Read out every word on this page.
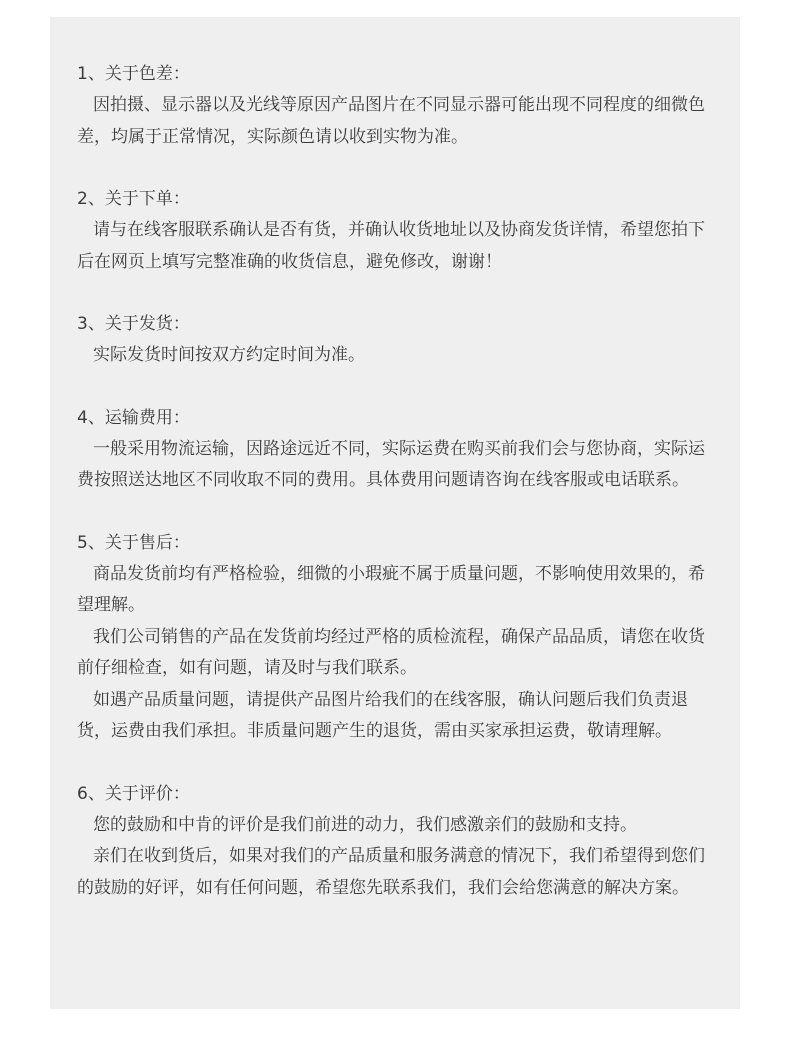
1、关于色差：

因拍摄、显示器以及光线等原因产品图片在不同显示器可能出现不同程度的细微色差，均属于正常情况，实际颜色请以收到实物为准。

2、关于下单：

请与在线客服联系确认是否有货，并确认收货地址以及协商发货详情，希望您拍下后在网页上填写完整准确的收货信息，避免修改，谢谢！

3、关于发货：

实际发货时间按双方约定时间为准。

4、运输费用：

一般采用物流运输，因路途远近不同，实际运费在购买前我们会与您协商，实际运费按照送达地区不同收取不同的费用。具体费用问题请咨询在线客服或电话联系。

5、关于售后：

商品发货前均有严格检验，细微的小瑕疵不属于质量问题，不影响使用效果的，希望理解。

我们公司销售的产品在发货前均经过严格的质检流程，确保产品品质，请您在收货前仔细检查，如有问题，请及时与我们联系。

如遇产品质量问题，请提供产品图片给我们的在线客服，确认问题后我们负责退货，运费由我们承担。非质量问题产生的退货，需由买家承担运费，敬请理解。

6、关于评价：

您的鼓励和中肯的评价是我们前进的动力，我们感激亲们的鼓励和支持。

亲们在收到货后，如果对我们的产品质量和服务满意的情况下，我们希望得到您们的鼓励的好评，如有任何问题，希望您先联系我们，我们会给您满意的解决方案。
